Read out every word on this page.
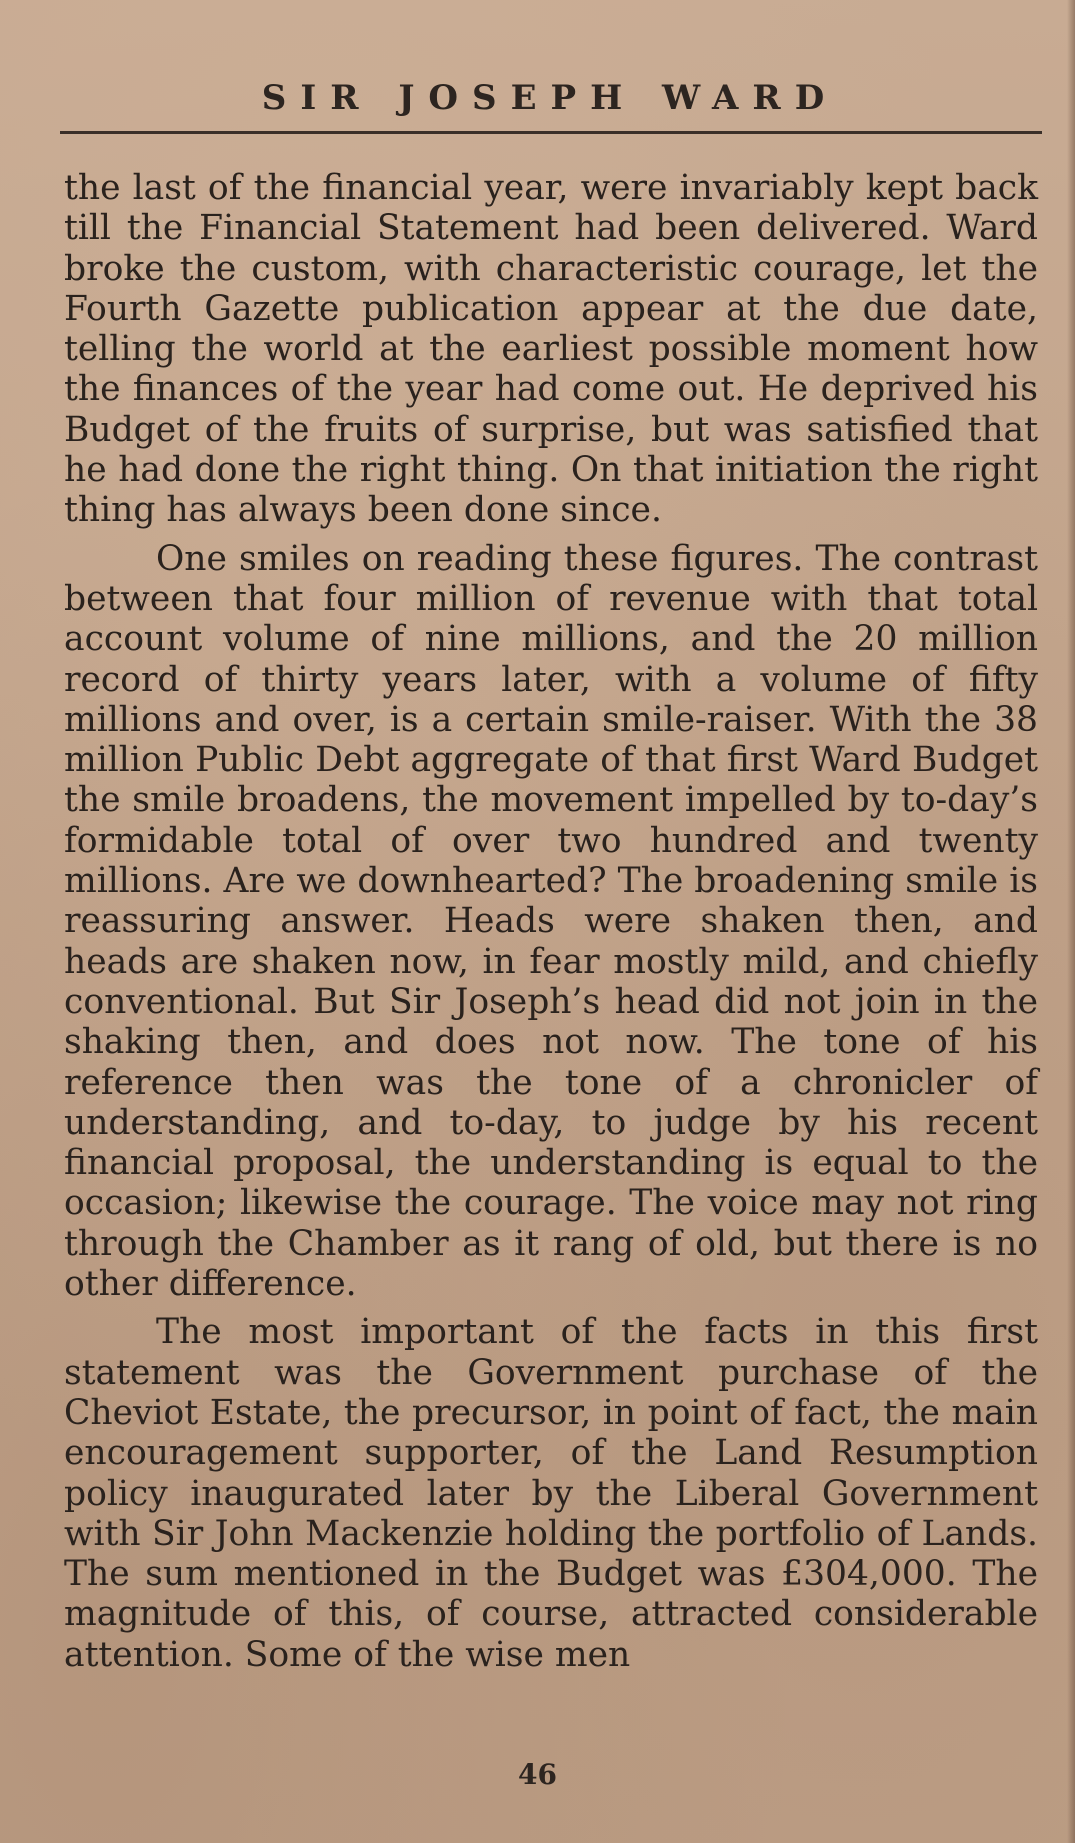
SIR JOSEPH WARD

the last of the financial year, were invariably kept back till the Financial Statement had been delivered. Ward broke the custom, with characteristic courage, let the Fourth Gazette publication appear at the due date, telling the world at the earliest possible moment how the finances of the year had come out. He deprived his Budget of the fruits of surprise, but was satisfied that he had done the right thing. On that initiation the right thing has always been done since.

One smiles on reading these figures. The contrast between that four million of revenue with that total account volume of nine millions, and the 20 million record of thirty years later, with a volume of fifty millions and over, is a certain smile-raiser. With the 38 million Public Debt aggregate of that first Ward Budget the smile broadens, the movement impelled by to-day’s formidable total of over two hundred and twenty millions. Are we downhearted? The broadening smile is reassuring answer. Heads were shaken then, and heads are shaken now, in fear mostly mild, and chiefly conventional. But Sir Joseph’s head did not join in the shaking then, and does not now. The tone of his reference then was the tone of a chronicler of understanding, and to-day, to judge by his recent financial proposal, the understanding is equal to the occasion; likewise the courage. The voice may not ring through the Chamber as it rang of old, but there is no other difference.

The most important of the facts in this first statement was the Government purchase of the Cheviot Estate, the precursor, in point of fact, the main encouragement supporter, of the Land Resumption policy inaugurated later by the Liberal Government with Sir John Mackenzie holding the portfolio of Lands. The sum mentioned in the Budget was £304,000. The magnitude of this, of course, attracted considerable attention. Some of the wise men

46
